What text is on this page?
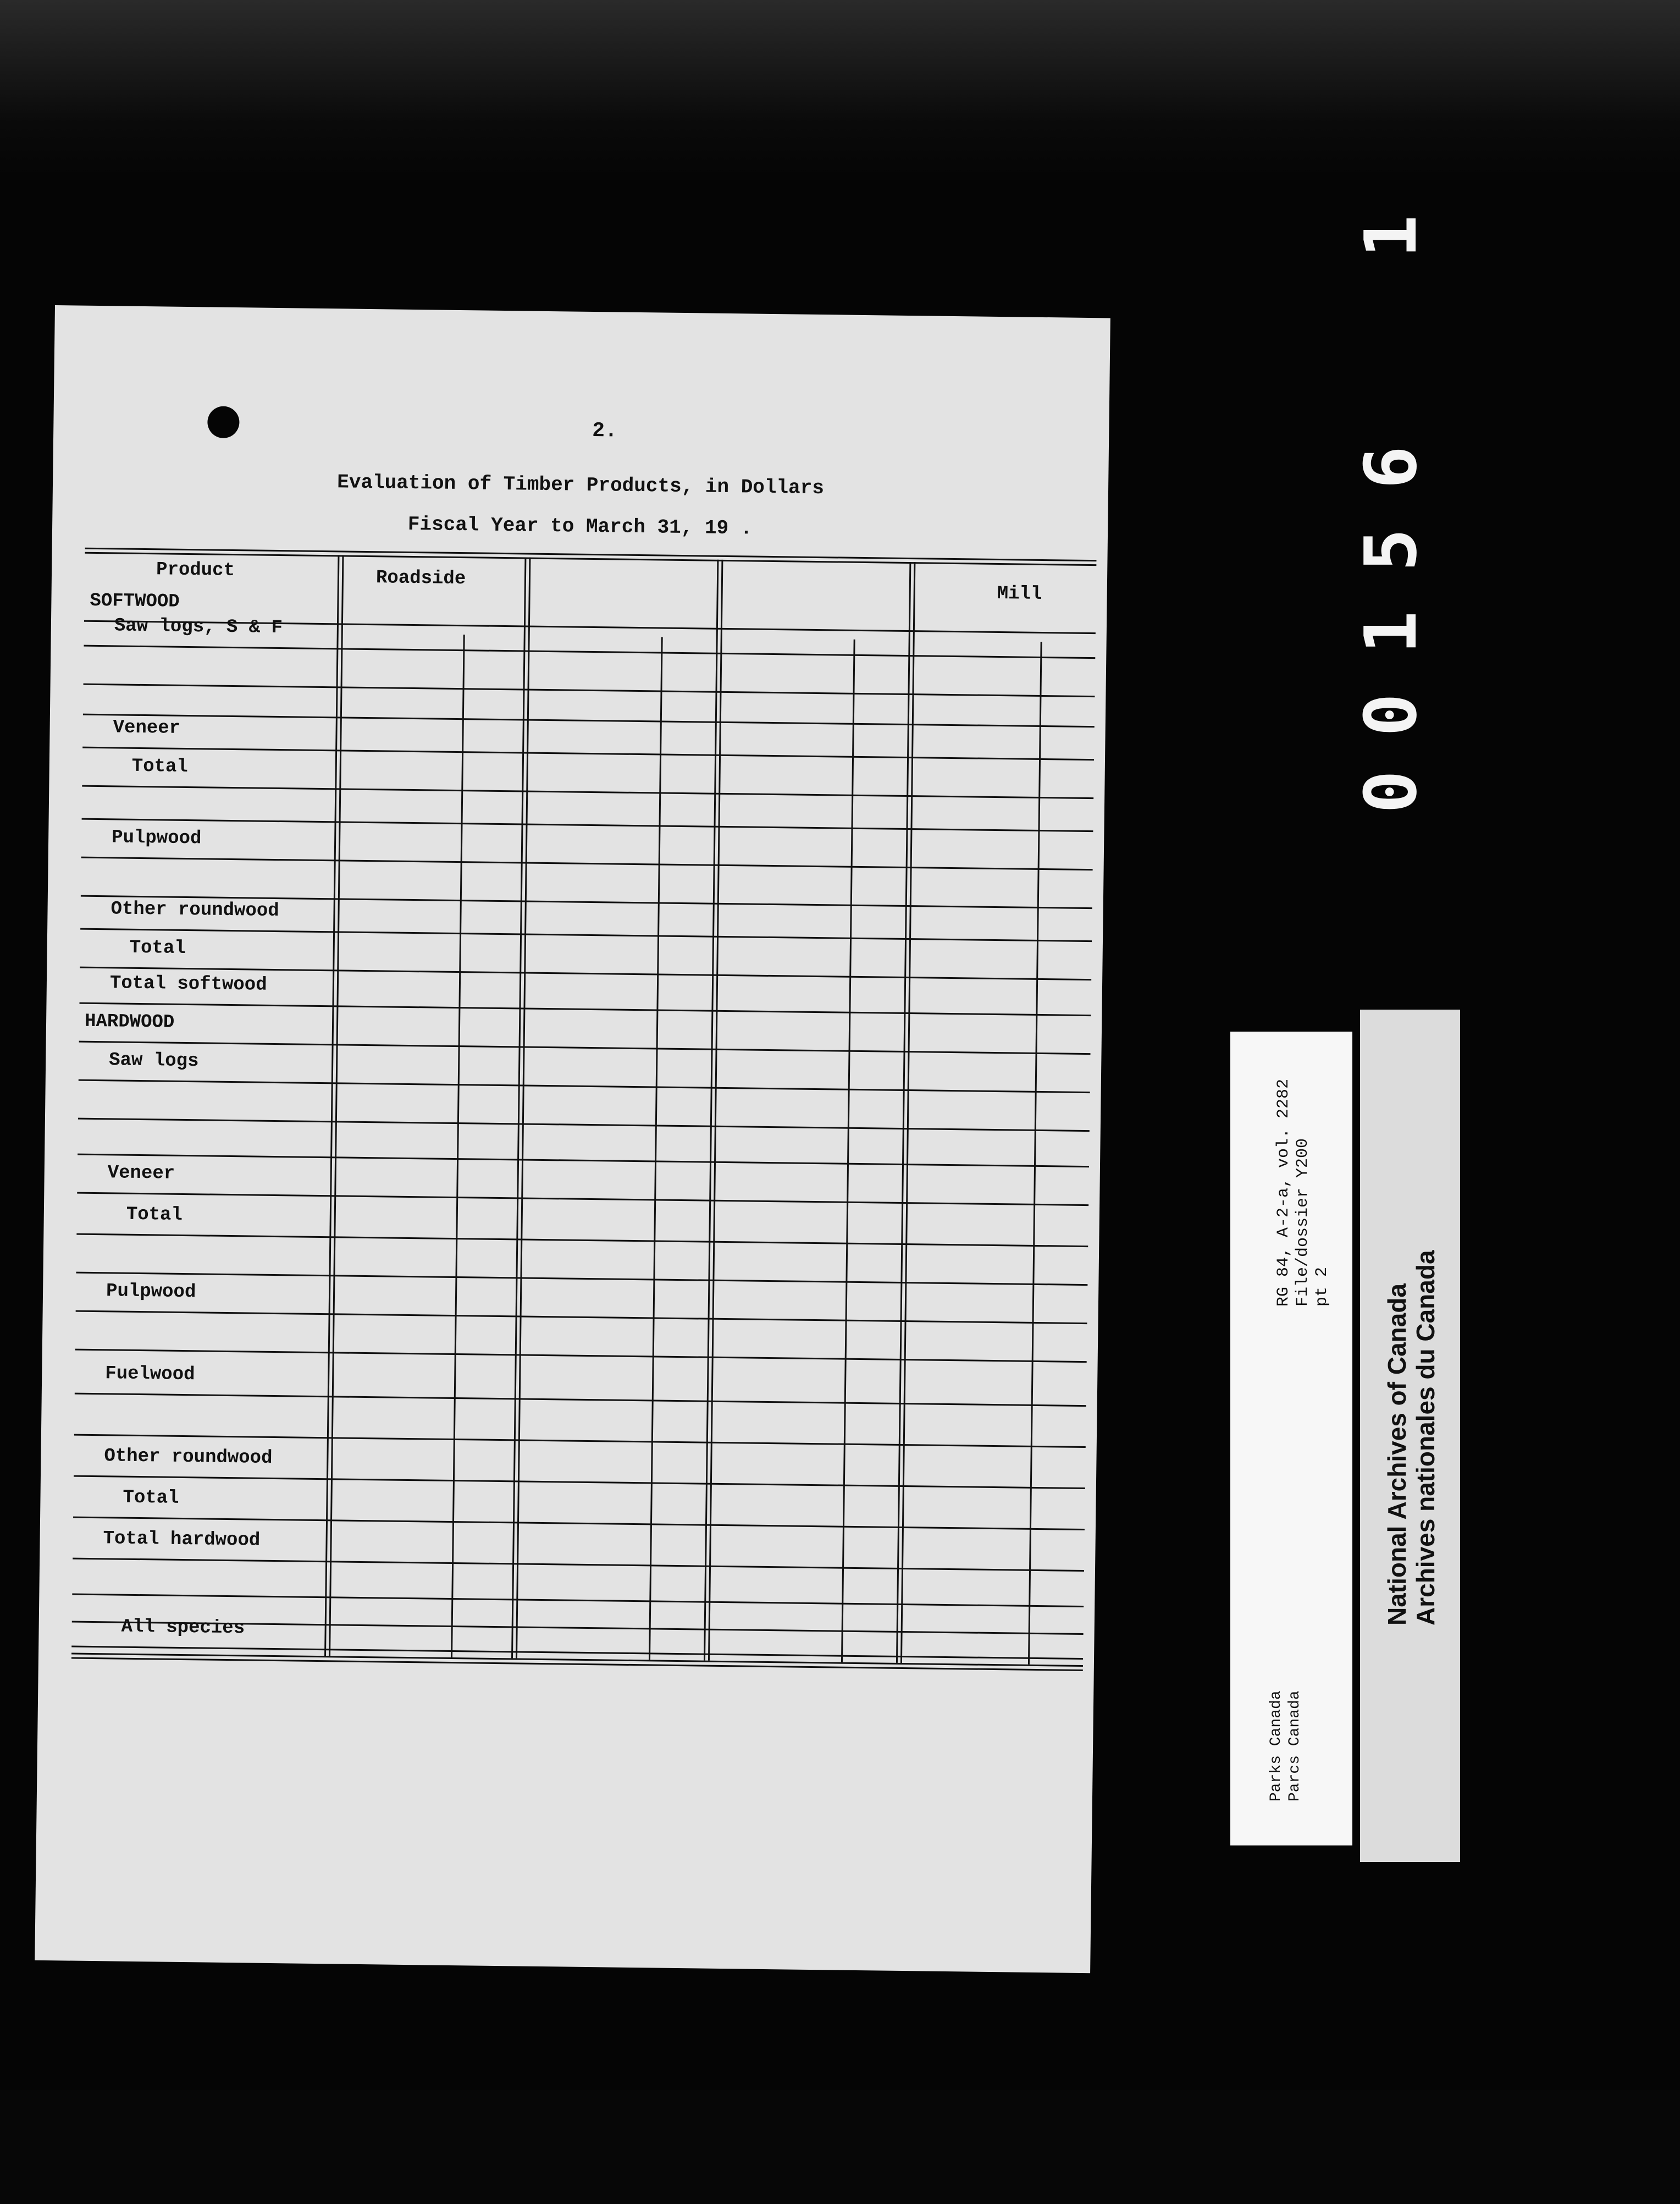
2.
Evaluation of Timber Products, in Dollars
Fiscal Year to March 31, 19 .
Product	Roadside
Mill
SOFTWOOD
Saw logs, S & F
Veneer
Total
Pulpwood
Other roundwood
Total
Total softwood
HARDWOOD
Saw logs
Veneer
Total
Pulpwood
Fuelwood
Other roundwood
Total
Total hardwood
All species
0
0
1
5
6
1
RG 84, A-2-a, vol. 2282 File/dossier Y200 pt 2
Parks Canada Parcs Canada
National Archives of Canada Archives nationales du Canada
